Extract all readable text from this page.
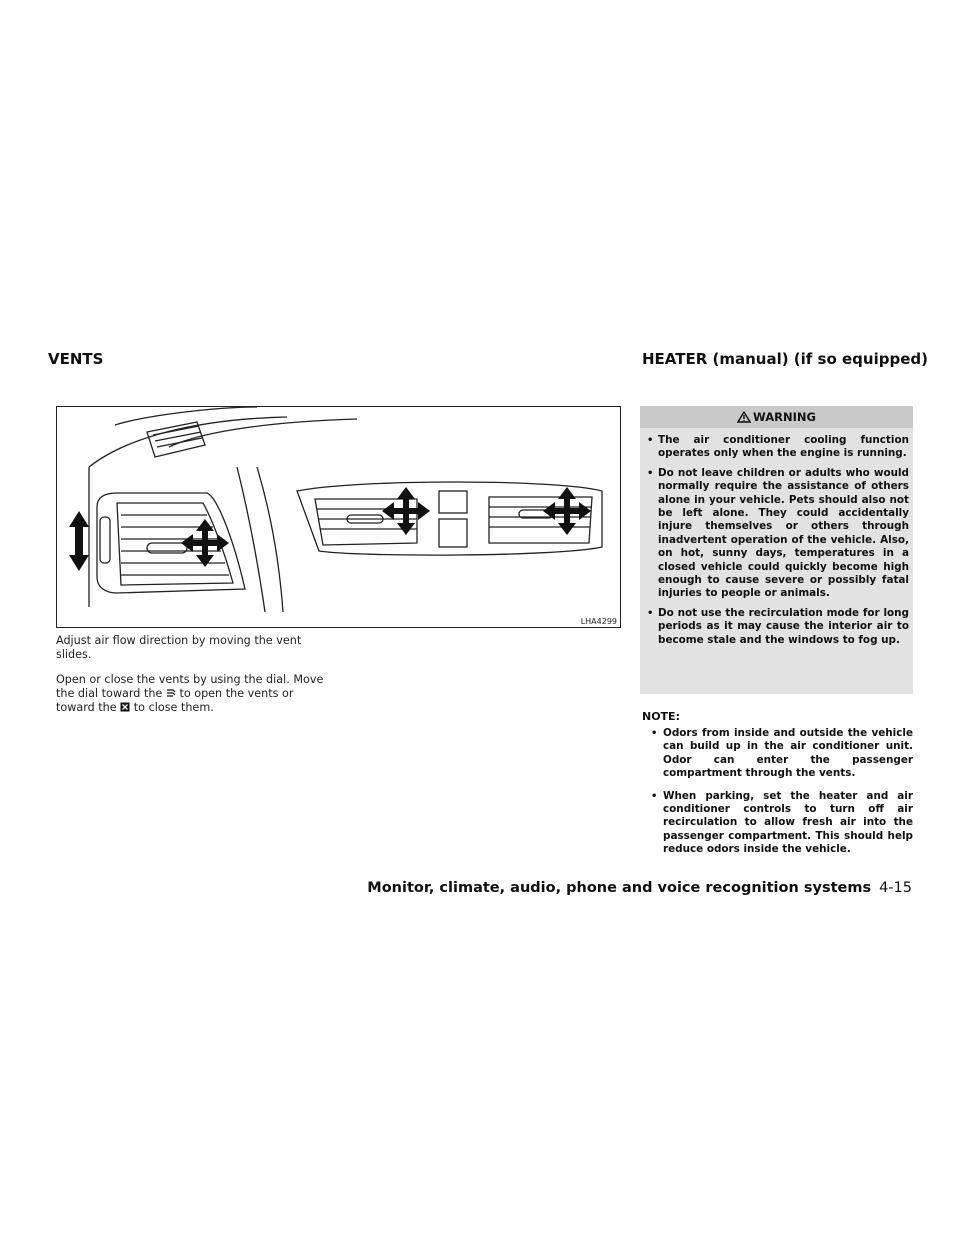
VENTS	HEATER (manual) (if so equipped)
LHA4299
Adjust air flow direction by moving the vent slides.
Open or close the vents by using the dial. Move the dial toward the to open the vents or toward the to close them.
WARNING
• The air conditioner cooling function operates only when the engine is running.
• Do not leave children or adults who would normally require the assistance of others alone in your vehicle. Pets should also not be left alone. They could accidentally injure themselves or others through inadvertent operation of the vehicle. Also, on hot, sunny days, temperatures in a closed vehicle could quickly become high enough to cause severe or possibly fatal injuries to people or animals.
• Do not use the recirculation mode for long periods as it may cause the interior air to become stale and the windows to fog up.
NOTE:
• Odors from inside and outside the vehicle can build up in the air conditioner unit. Odor can enter the passenger compartment through the vents.
• When parking, set the heater and air conditioner controls to turn off air recirculation to allow fresh air into the passenger compartment. This should help reduce odors inside the vehicle.
Monitor, climate, audio, phone and voice recognition systems 4-15
